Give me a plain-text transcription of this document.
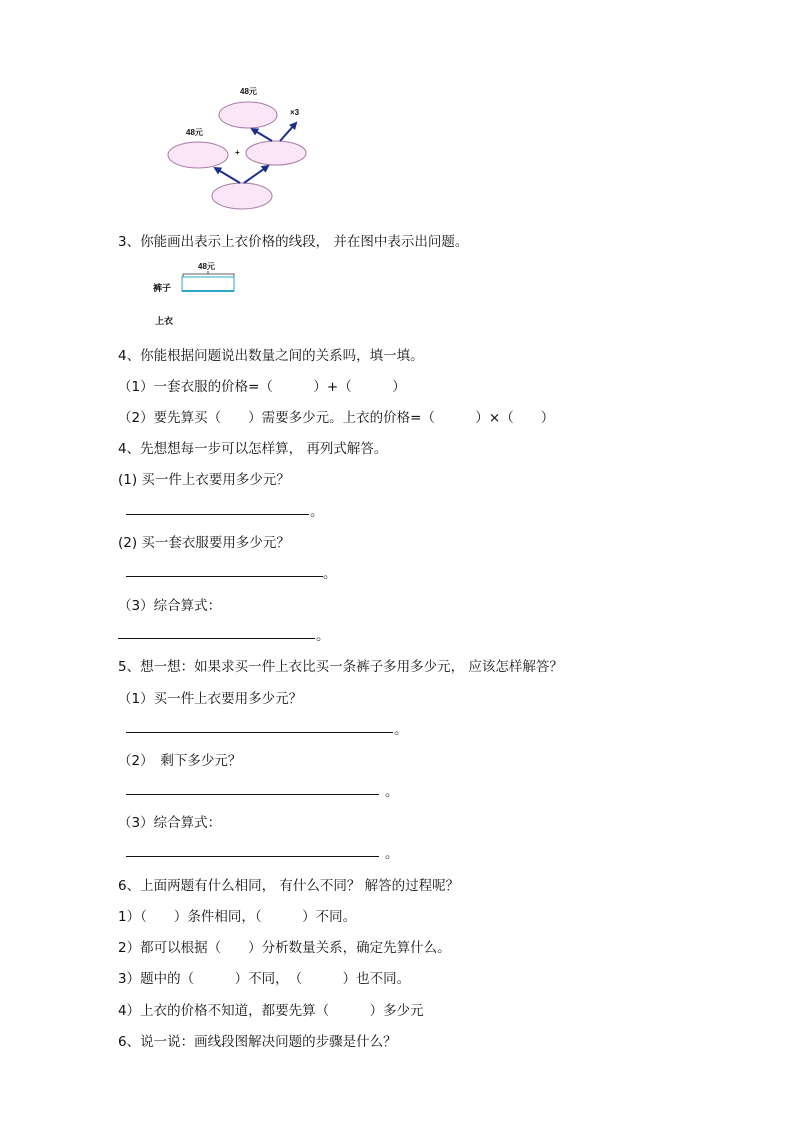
48元
48元
×3
+
3、你能画出表示上衣价格的线段， 并在图中表示出问题。
48元
裤子
上衣
4、你能根据问题说出数量之间的关系吗，填一填。
（1）一套衣服的价格=（　　　）+（　　　）
（2）要先算买（　　）需要多少元。上衣的价格=（　　　）×（　　）
4、先想想每一步可以怎样算， 再列式解答。
(1) 买一件上衣要用多少元？
。
(2) 买一套衣服要用多少元？
。
（3）综合算式：
。
5、想一想：如果求买一件上衣比买一条裤子多用多少元， 应该怎样解答？
（1）买一件上衣要用多少元？
。
（2）　剩下多少元？
。
（3）综合算式：
。
6、上面两题有什么相同， 有什么不同？ 解答的过程呢？
1）（　　）条件相同，（　　　）不同。
2）都可以根据（　　）分析数量关系，确定先算什么。
3）题中的（　　　）不同，　（　　　）也不同。
4）上衣的价格不知道，都要先算（　　　）多少元
6、说一说：画线段图解决问题的步骤是什么？
